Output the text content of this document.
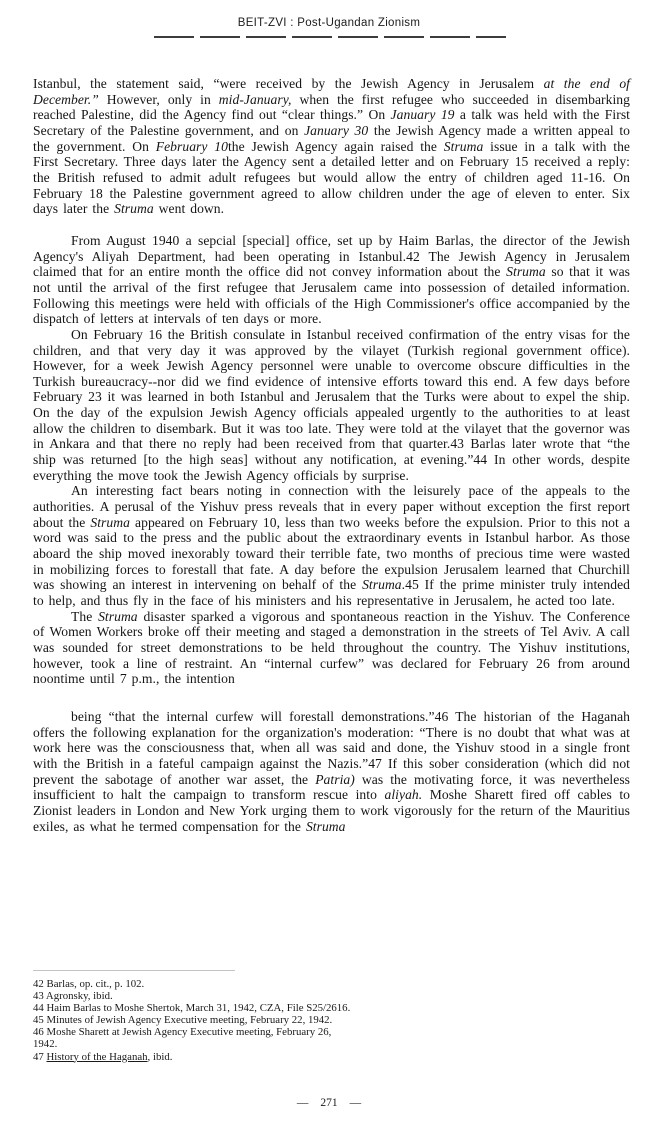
BEIT-ZVI : Post-Ugandan Zionism

Istanbul, the statement said, “were received by the Jewish Agency in Jerusalem at the end of December.” However, only in mid-January, when the first refugee who succeeded in disembarking reached Palestine, did the Agency find out “clear things.” On January 19 a talk was held with the First Secretary of the Palestine government, and on January 30 the Jewish Agency made a written appeal to the government. On February 10the Jewish Agency again raised the Struma issue in a talk with the First Secretary. Three days later the Agency sent a detailed letter and on February 15 received a reply: the British refused to admit adult refugees but would allow the entry of children aged 11-16. On February 18 the Palestine government agreed to allow children under the age of eleven to enter. Six days later the Struma went down.

From August 1940 a sepcial [special] office, set up by Haim Barlas, the director of the Jewish Agency's Aliyah Department, had been operating in Istanbul.42 The Jewish Agency in Jerusalem claimed that for an entire month the office did not convey information about the Struma so that it was not until the arrival of the first refugee that Jerusalem came into possession of detailed information. Following this meetings were held with officials of the High Commissioner's office accompanied by the dispatch of letters at intervals of ten days or more.

On February 16 the British consulate in Istanbul received confirmation of the entry visas for the children, and that very day it was approved by the vilayet (Turkish regional government office). However, for a week Jewish Agency personnel were unable to overcome obscure difficulties in the Turkish bureaucracy--nor did we find evidence of intensive efforts toward this end. A few days before February 23 it was learned in both Istanbul and Jerusalem that the Turks were about to expel the ship. On the day of the expulsion Jewish Agency officials appealed urgently to the authorities to at least allow the children to disembark. But it was too late. They were told at the vilayet that the governor was in Ankara and that there no reply had been received from that quarter.43 Barlas later wrote that “the ship was returned [to the high seas] without any notification, at evening.”44 In other words, despite everything the move took the Jewish Agency officials by surprise.

An interesting fact bears noting in connection with the leisurely pace of the appeals to the authorities. A perusal of the Yishuv press reveals that in every paper without exception the first report about the Struma appeared on February 10, less than two weeks before the expulsion. Prior to this not a word was said to the press and the public about the extraordinary events in Istanbul harbor. As those aboard the ship moved inexorably toward their terrible fate, two months of precious time were wasted in mobilizing forces to forestall that fate. A day before the expulsion Jerusalem learned that Churchill was showing an interest in intervening on behalf of the Struma.45 If the prime minister truly intended to help, and thus fly in the face of his ministers and his representative in Jerusalem, he acted too late.

The Struma disaster sparked a vigorous and spontaneous reaction in the Yishuv. The Conference of Women Workers broke off their meeting and staged a demonstration in the streets of Tel Aviv. A call was sounded for street demonstrations to be held throughout the country. The Yishuv institutions, however, took a line of restraint. An “internal curfew” was declared for February 26 from around noontime until 7 p.m., the intention

being “that the internal curfew will forestall demonstrations.”46 The historian of the Haganah offers the following explanation for the organization's moderation: “There is no doubt that what was at work here was the consciousness that, when all was said and done, the Yishuv stood in a single front with the British in a fateful campaign against the Nazis.”47 If this sober consideration (which did not prevent the sabotage of another war asset, the Patria) was the motivating force, it was nevertheless insufficient to halt the campaign to transform rescue into aliyah. Moshe Sharett fired off cables to Zionist leaders in London and New York urging them to work vigorously for the return of the Mauritius exiles, as what he termed compensation for the Struma

42 Barlas, op. cit., p. 102.

43 Agronsky, ibid.

44 Haim Barlas to Moshe Shertok, March 31, 1942, CZA, File S25/2616.

45 Minutes of Jewish Agency Executive meeting, February 22, 1942.

46 Moshe Sharett at Jewish Agency Executive meeting, February 26,

1942.

47 History of the Haganah, ibid.

— 271 —
